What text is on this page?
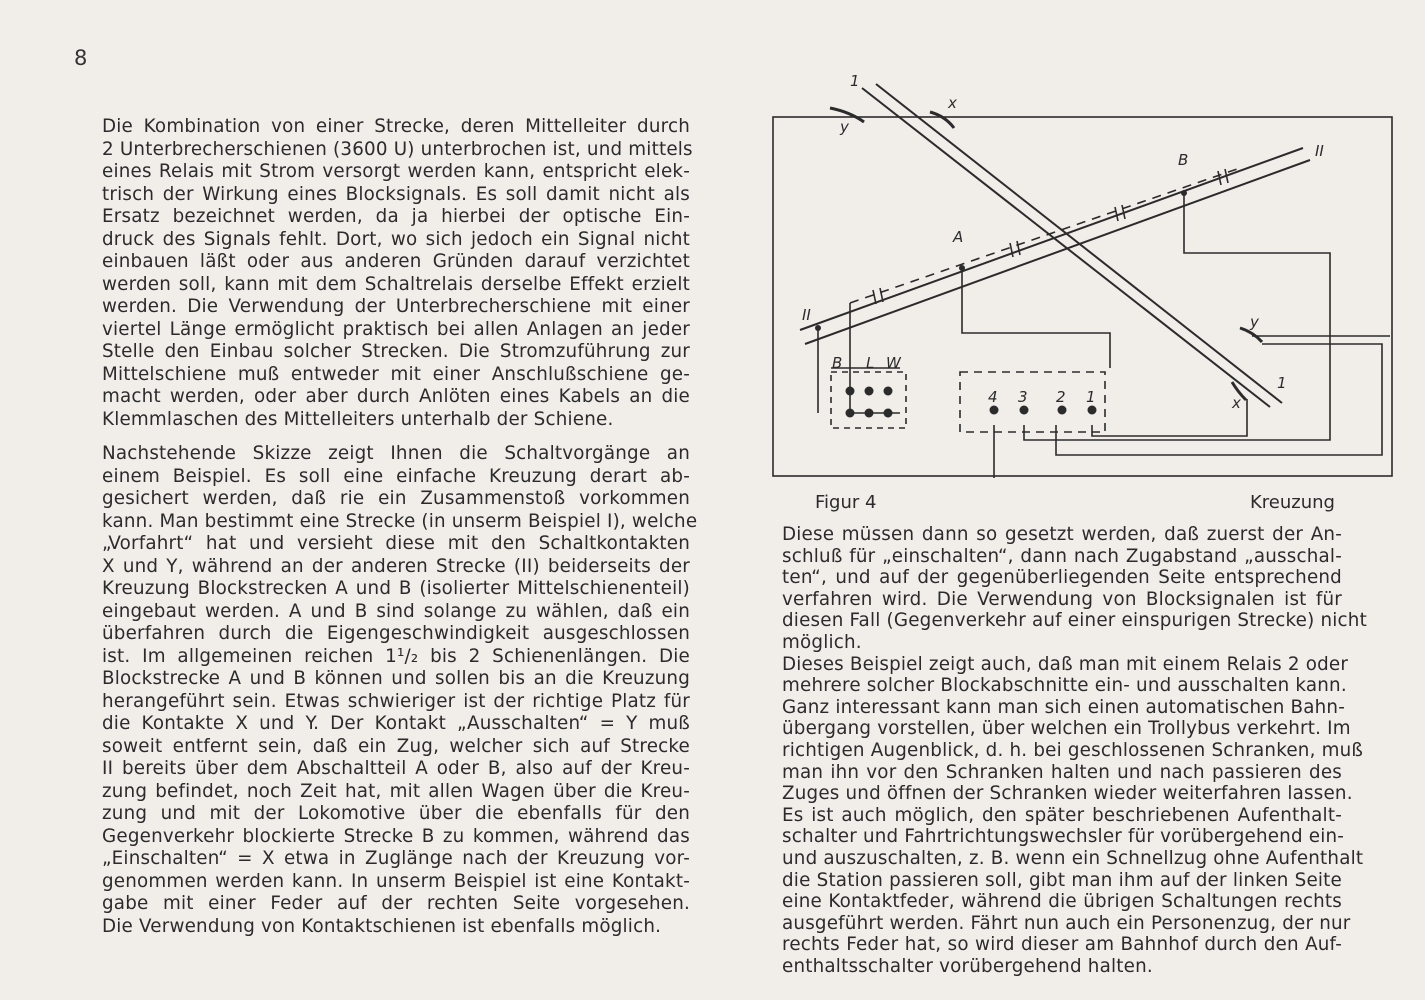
8
Die Kombination von einer Strecke, deren Mittelleiter durch
2 Unterbrecherschienen (3600 U) unterbrochen ist, und mittels
eines Relais mit Strom versorgt werden kann, entspricht elek-
trisch der Wirkung eines Blocksignals. Es soll damit nicht als
Ersatz bezeichnet werden, da ja hierbei der optische Ein-
druck des Signals fehlt. Dort, wo sich jedoch ein Signal nicht
einbauen läßt oder aus anderen Gründen darauf verzichtet
werden soll, kann mit dem Schaltrelais derselbe Effekt erzielt
werden. Die Verwendung der Unterbrecherschiene mit einer
viertel Länge ermöglicht praktisch bei allen Anlagen an jeder
Stelle den Einbau solcher Strecken. Die Stromzuführung zur
Mittelschiene muß entweder mit einer Anschlußschiene ge-
macht werden, oder aber durch Anlöten eines Kabels an die
Klemmlaschen des Mittelleiters unterhalb der Schiene.
Nachstehende Skizze zeigt Ihnen die Schaltvorgänge an
einem Beispiel. Es soll eine einfache Kreuzung derart ab-
gesichert werden, daß rie ein Zusammenstoß vorkommen
kann. Man bestimmt eine Strecke (in unserm Beispiel I), welche
„Vorfahrt“ hat und versieht diese mit den Schaltkontakten
X und Y, während an der anderen Strecke (II) beiderseits der
Kreuzung Blockstrecken A und B (isolierter Mittelschienenteil)
eingebaut werden. A und B sind solange zu wählen, daß ein
überfahren durch die Eigengeschwindigkeit ausgeschlossen
ist. Im allgemeinen reichen 1¹/₂ bis 2 Schienenlängen. Die
Blockstrecke A und B können und sollen bis an die Kreuzung
herangeführt sein. Etwas schwieriger ist der richtige Platz für
die Kontakte X und Y. Der Kontakt „Ausschalten“ = Y muß
soweit entfernt sein, daß ein Zug, welcher sich auf Strecke
II bereits über dem Abschaltteil A oder B, also auf der Kreu-
zung befindet, noch Zeit hat, mit allen Wagen über die Kreu-
zung und mit der Lokomotive über die ebenfalls für den
Gegenverkehr blockierte Strecke B zu kommen, während das
„Einschalten“ = X etwa in Zuglänge nach der Kreuzung vor-
genommen werden kann. In unserm Beispiel ist eine Kontakt-
gabe mit einer Feder auf der rechten Seite vorgesehen.
Die Verwendung von Kontaktschienen ist ebenfalls möglich.
1
1
II
II
x
y
y
x
A
B
B L W
4 3 2 1
Figur 4	Kreuzung
Diese müssen dann so gesetzt werden, daß zuerst der An-
schluß für „einschalten“, dann nach Zugabstand „ausschal-
ten“, und auf der gegenüberliegenden Seite entsprechend
verfahren wird. Die Verwendung von Blocksignalen ist für
diesen Fall (Gegenverkehr auf einer einspurigen Strecke) nicht
möglich.
Dieses Beispiel zeigt auch, daß man mit einem Relais 2 oder
mehrere solcher Blockabschnitte ein- und ausschalten kann.
Ganz interessant kann man sich einen automatischen Bahn-
übergang vorstellen, über welchen ein Trollybus verkehrt. Im
richtigen Augenblick, d. h. bei geschlossenen Schranken, muß
man ihn vor den Schranken halten und nach passieren des
Zuges und öffnen der Schranken wieder weiterfahren lassen.
Es ist auch möglich, den später beschriebenen Aufenthalt-
schalter und Fahrtrichtungswechsler für vorübergehend ein-
und auszuschalten, z. B. wenn ein Schnellzug ohne Aufenthalt
die Station passieren soll, gibt man ihm auf der linken Seite
eine Kontaktfeder, während die übrigen Schaltungen rechts
ausgeführt werden. Fährt nun auch ein Personenzug, der nur
rechts Feder hat, so wird dieser am Bahnhof durch den Auf-
enthaltsschalter vorübergehend halten.
